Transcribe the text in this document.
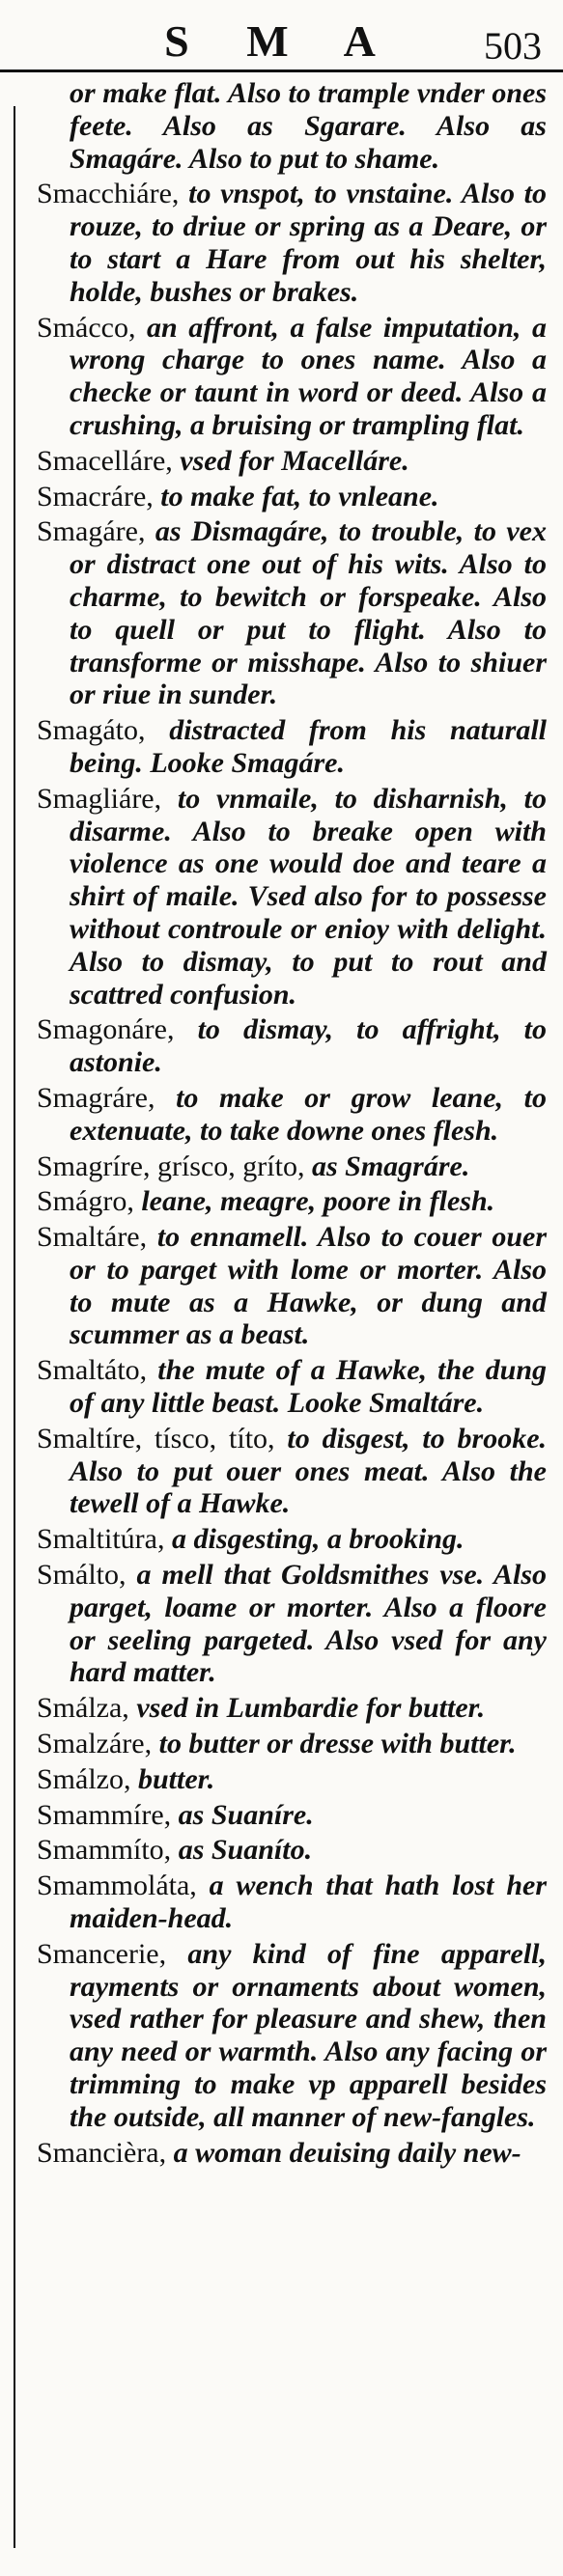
S M A	503

or make flat. Also to trample vnder ones feete. Also as Sgarare. Also as Smagáre. Also to put to shame.

Smacchiáre, to vnspot, to vnstaine. Also to rouze, to driue or spring as a Deare, or to start a Hare from out his shelter, holde, bushes or brakes.

Smácco, an affront, a false imputation, a wrong charge to ones name. Also a checke or taunt in word or deed. Also a crushing, a bruising or trampling flat.

Smacelláre, vsed for Macelláre.

Smacráre, to make fat, to vnleane.

Smagáre, as Dismagáre, to trouble, to vex or distract one out of his wits. Also to charme, to bewitch or forspeake. Also to quell or put to flight. Also to transforme or misshape. Also to shiuer or riue in sunder.

Smagáto, distracted from his naturall being. Looke Smagáre.

Smagliáre, to vnmaile, to disharnish, to disarme. Also to breake open with violence as one would doe and teare a shirt of maile. Vsed also for to possesse without controule or enioy with delight. Also to dismay, to put to rout and scattred confusion.

Smagonáre, to dismay, to affright, to astonie.

Smagráre, to make or grow leane, to extenuate, to take downe ones flesh.

Smagríre, grísco, gríto, as Smagráre.

Smágro, leane, meagre, poore in flesh.

Smaltáre, to ennamell. Also to couer ouer or to parget with lome or morter. Also to mute as a Hawke, or dung and scummer as a beast.

Smaltáto, the mute of a Hawke, the dung of any little beast. Looke Smaltáre.

Smaltíre, tísco, títo, to disgest, to brooke. Also to put ouer ones meat. Also the tewell of a Hawke.

Smaltitúra, a disgesting, a brooking.

Smálto, a mell that Goldsmithes vse. Also parget, loame or morter. Also a floore or seeling pargeted. Also vsed for any hard matter.

Smálza, vsed in Lumbardie for butter.

Smalzáre, to butter or dresse with butter.

Smálzo, butter.

Smammíre, as Suaníre.

Smammíto, as Suaníto.

Smammoláta, a wench that hath lost her maiden-head.

Smancerie, any kind of fine apparell, rayments or ornaments about women, vsed rather for pleasure and shew, then any need or warmth. Also any facing or trimming to make vp apparell besides the outside, all manner of new-fangles.

Smancièra, a woman deuising daily new-
